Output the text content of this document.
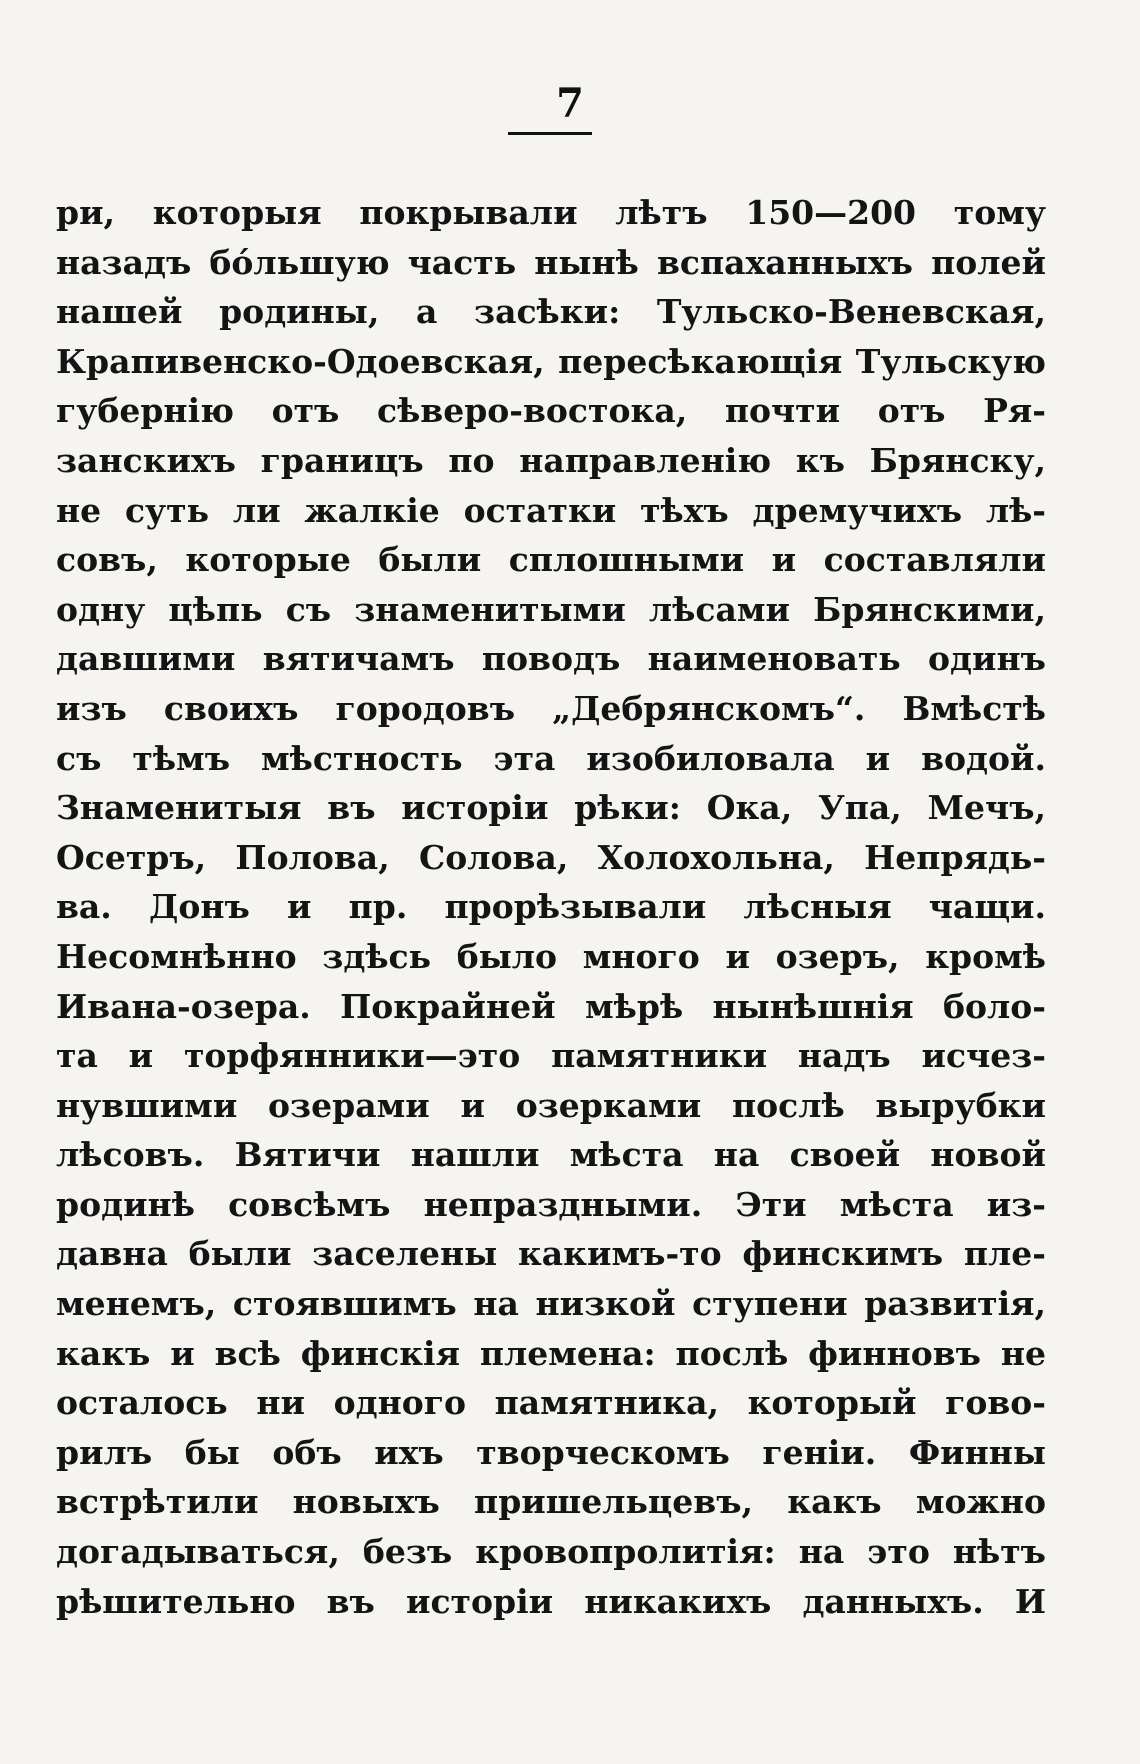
7
ри, которыя покрывали лѣтъ 150—200 тому
назадъ бо́льшую часть нынѣ вспаханныхъ полей
нашей родины, а засѣки: Тульско-Веневская,
Крапивенско-Одоевская, пересѣкающія Тульскую
губернію отъ сѣверо-востока, почти отъ Ря-
занскихъ границъ по направленію къ Брянску,
не суть ли жалкіе остатки тѣхъ дремучихъ лѣ-
совъ, которые были сплошными и составляли
одну цѣпь съ знаменитыми лѣсами Брянскими,
давшими вятичамъ поводъ наименовать одинъ
изъ своихъ городовъ „Дебрянскомъ“. Вмѣстѣ
съ тѣмъ мѣстность эта изобиловала и водой.
Знаменитыя въ исторіи рѣки: Ока, Упа, Мечъ,
Осетръ, Полова, Солова, Холохольна, Непрядь-
ва. Донъ и пр. прорѣзывали лѣсныя чащи.
Несомнѣнно здѣсь было много и озеръ, кромѣ
Ивана-озера. Покрайней мѣрѣ нынѣшнія боло-
та и торфянники—это памятники надъ исчез-
нувшими озерами и озерками послѣ вырубки
лѣсовъ. Вятичи нашли мѣста на своей новой
родинѣ совсѣмъ непраздными. Эти мѣста из-
давна были заселены какимъ-то финскимъ пле-
менемъ, стоявшимъ на низкой ступени развитія,
какъ и всѣ финскія племена: послѣ финновъ не
осталось ни одного памятника, который гово-
рилъ бы объ ихъ творческомъ геніи. Финны
встрѣтили новыхъ пришельцевъ, какъ можно
догадываться, безъ кровопролитія: на это нѣтъ
рѣшительно въ исторіи никакихъ данныхъ. И
